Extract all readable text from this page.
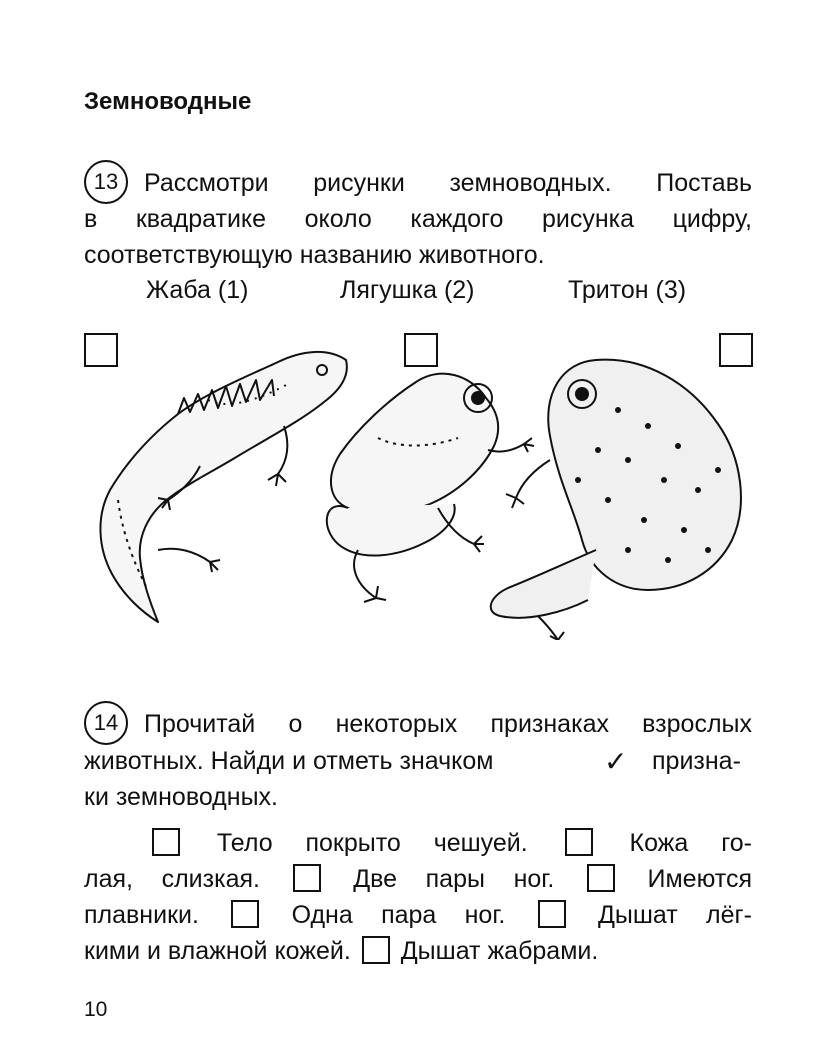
Земноводные
13	Рассмотри рисунки земноводных. Поставь
в квадратике около каждого рисунка цифру,
соответствующую названию животного.
Жаба (1)	Лягушка (2)	Тритон (3)
14	Прочитай о некоторых признаках взрослых
животных. Найди и отметь значком	✓ призна-
ки земноводных.
Тело покрыто чешуей.	Кожа го-
лая, слизкая.	Две пары ног.	Имеются
плавники.	Одна пара ног.	Дышат лёг-
кими и влажной кожей. Дышат жабрами.
10
